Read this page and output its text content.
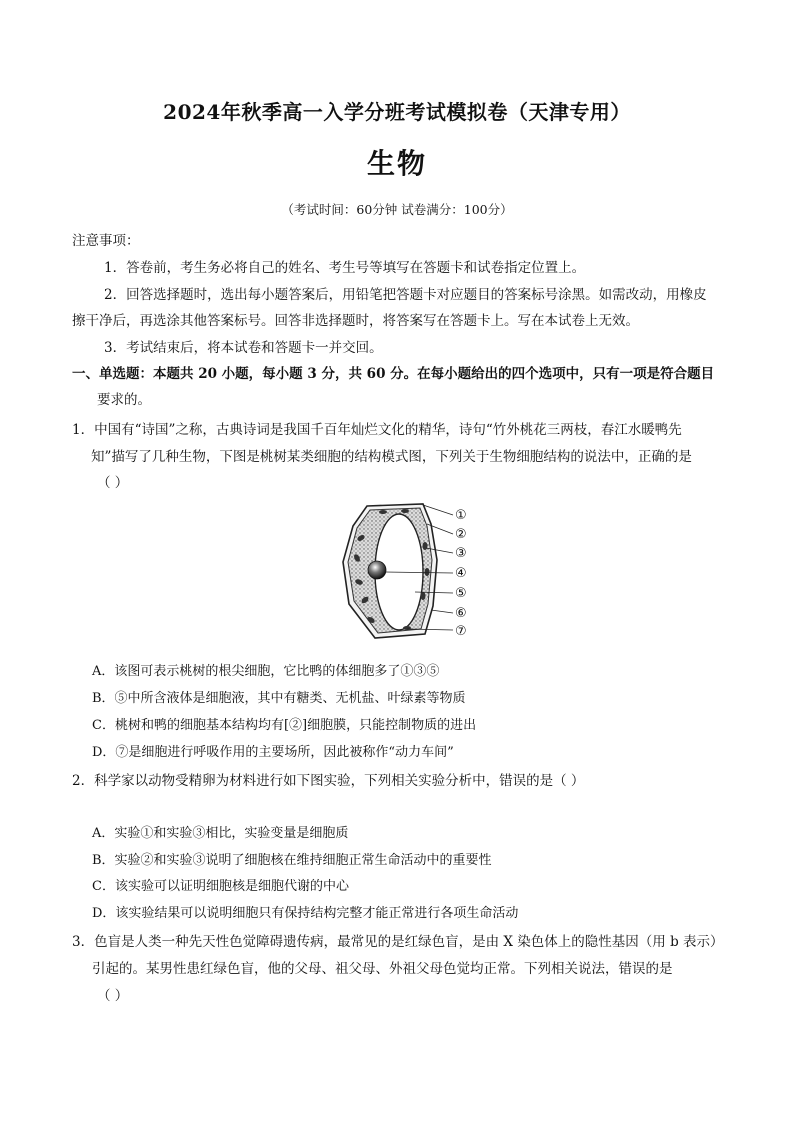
2024年秋季高一入学分班考试模拟卷（天津专用）
生物
（考试时间：60分钟 试卷满分：100分）
注意事项：
1．答卷前，考生务必将自己的姓名、考生号等填写在答题卡和试卷指定位置上。
2．回答选择题时，选出每小题答案后，用铅笔把答题卡对应题目的答案标号涂黑。如需改动，用橡皮
擦干净后，再选涂其他答案标号。回答非选择题时，将答案写在答题卡上。写在本试卷上无效。
3．考试结束后，将本试卷和答题卡一并交回。
一、单选题：本题共 20 小题，每小题 3 分，共 60 分。在每小题给出的四个选项中，只有一项是符合题目
要求的。
1．中国有“诗国”之称，古典诗词是我国千百年灿烂文化的精华，诗句“竹外桃花三两枝，春江水暖鸭先
知”描写了几种生物，下图是桃树某类细胞的结构模式图，下列关于生物细胞结构的说法中，正确的是
（ ）
①
②
③
④
⑤
⑥
⑦
A．该图可表示桃树的根尖细胞，它比鸭的体细胞多了①③⑤
B．⑤中所含液体是细胞液，其中有糖类、无机盐、叶绿素等物质
C．桃树和鸭的细胞基本结构均有[②]细胞膜，只能控制物质的进出
D．⑦是细胞进行呼吸作用的主要场所，因此被称作“动力车间”
2．科学家以动物受精卵为材料进行如下图实验，下列相关实验分析中，错误的是（ ）
A．实验①和实验③相比，实验变量是细胞质
B．实验②和实验③说明了细胞核在维持细胞正常生命活动中的重要性
C．该实验可以证明细胞核是细胞代谢的中心
D．该实验结果可以说明细胞只有保持结构完整才能正常进行各项生命活动
3．色盲是人类一种先天性色觉障碍遗传病，最常见的是红绿色盲，是由 X 染色体上的隐性基因（用 b 表示）
引起的。某男性患红绿色盲，他的父母、祖父母、外祖父母色觉均正常。下列相关说法，错误的是
（ ）
